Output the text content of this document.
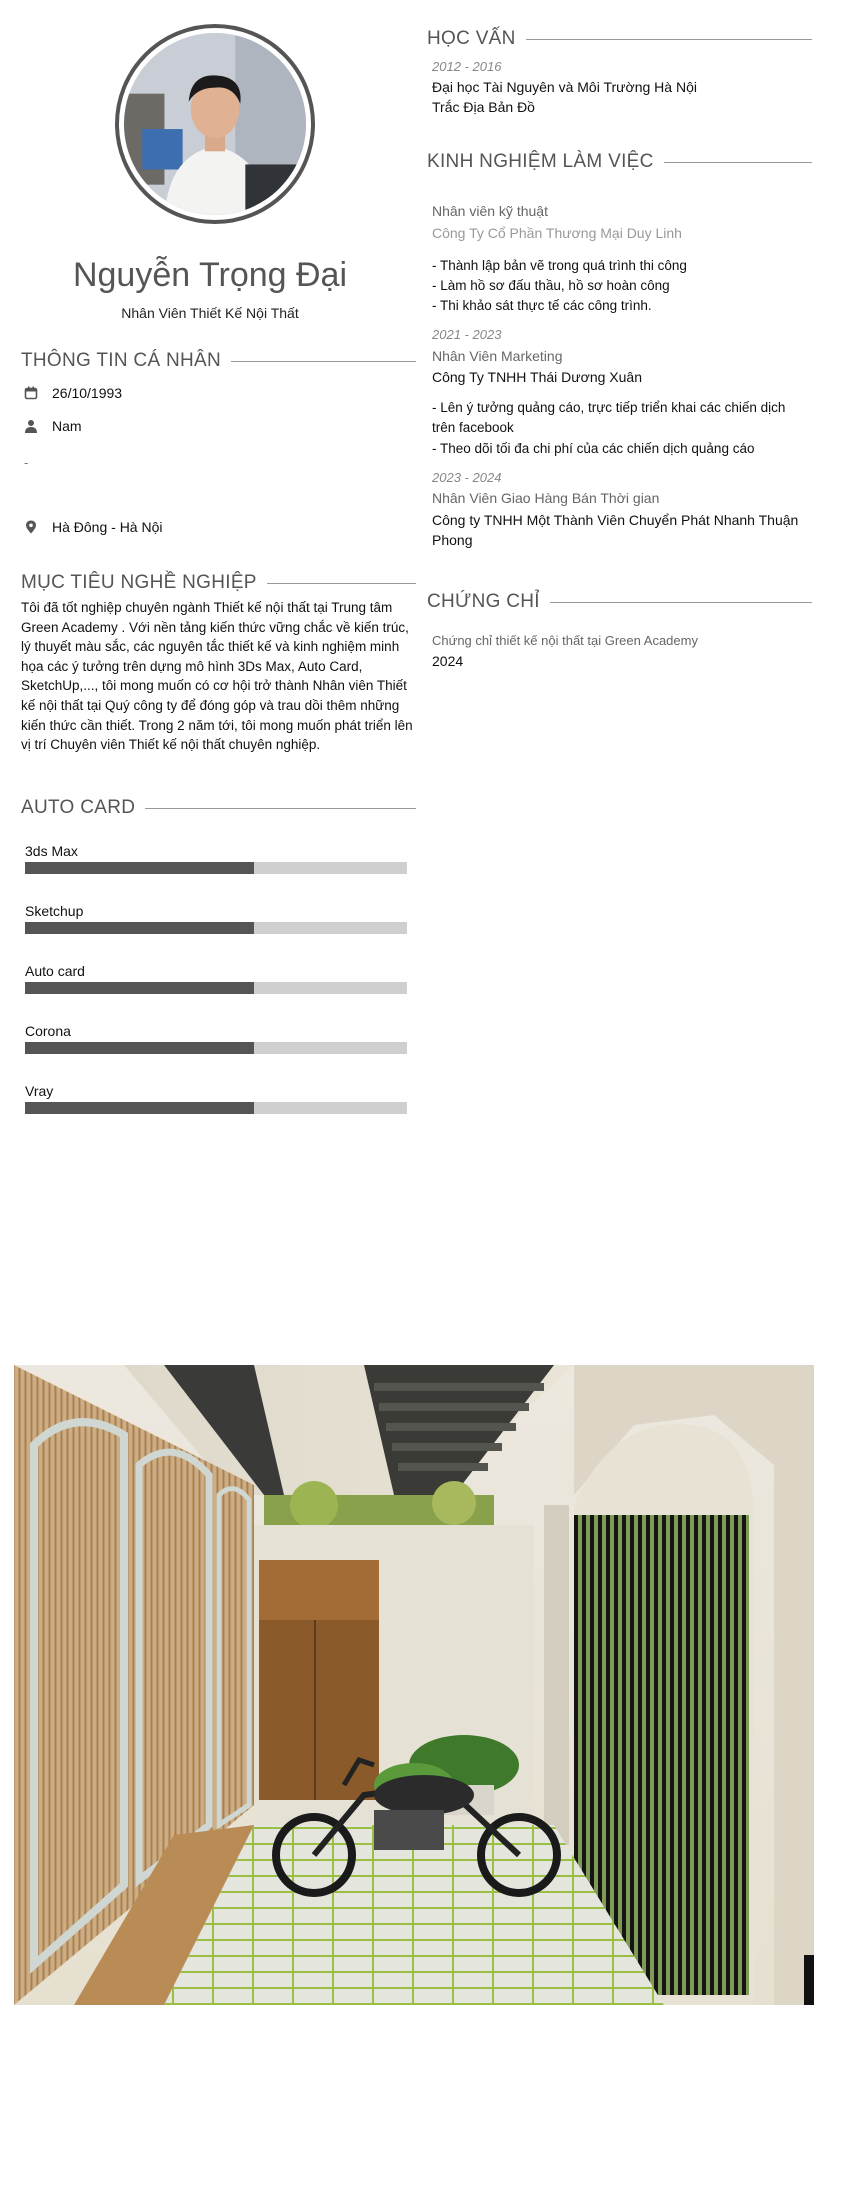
Nguyễn Trọng Đại
Nhân Viên Thiết Kế Nội Thất
THÔNG TIN CÁ NHÂN
26/10/1993
Nam
-
Hà Đông - Hà Nội
MỤC TIÊU NGHỀ NGHIỆP
Tôi đã tốt nghiệp chuyên ngành Thiết kế nội thất tại Trung tâm Green Academy . Với nền tảng kiến thức vững chắc về kiến trúc, lý thuyết màu sắc, các nguyên tắc thiết kế và kinh nghiệm minh họa các ý tưởng trên dựng mô hình 3Ds Max, Auto Card, SketchUp,..., tôi mong muốn có cơ hội trở thành Nhân viên Thiết kế nội thất tại Quý công ty để đóng góp và trau dồi thêm những kiến thức cần thiết. Trong 2 năm tới, tôi mong muốn phát triển lên vị trí Chuyên viên Thiết kế nội thất chuyên nghiệp.
AUTO CARD
3ds Max
Sketchup
Auto card
Corona
Vray
HỌC VẤN
2012 - 2016
Đại học Tài Nguyên và Môi Trường Hà Nội
Trắc Địa Bản Đồ
KINH NGHIỆM LÀM VIỆC
Nhân viên kỹ thuật
Công Ty Cổ Phần Thương Mại Duy Linh
- Thành lập bản vẽ trong quá trình thi công
- Làm hồ sơ đấu thầu, hồ sơ hoàn công
- Thi khảo sát thực tế các công trình.
2021 - 2023
Nhân Viên Marketing
Công Ty TNHH Thái Dương Xuân
- Lên ý tưởng quảng cáo, trực tiếp triển khai các chiến dịch trên facebook
- Theo dõi tối đa chi phí của các chiến dịch quảng cáo
2023 - 2024
Nhân Viên Giao Hàng Bán Thời gian
Công ty TNHH Một Thành Viên Chuyển Phát Nhanh Thuận Phong
CHỨNG CHỈ
Chứng chỉ thiết kế nội thất tại Green Academy
2024
